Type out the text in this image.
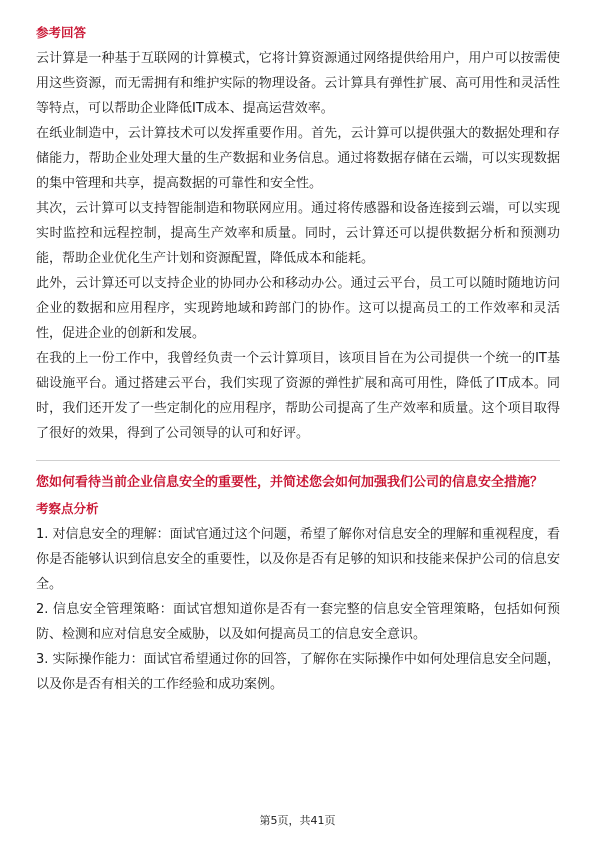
参考回答

云计算是一种基于互联网的计算模式，它将计算资源通过网络提供给用户，用户可以按需使用这些资源，而无需拥有和维护实际的物理设备。云计算具有弹性扩展、高可用性和灵活性等特点，可以帮助企业降低IT成本、提高运营效率。

在纸业制造中，云计算技术可以发挥重要作用。首先，云计算可以提供强大的数据处理和存储能力，帮助企业处理大量的生产数据和业务信息。通过将数据存储在云端，可以实现数据的集中管理和共享，提高数据的可靠性和安全性。

其次，云计算可以支持智能制造和物联网应用。通过将传感器和设备连接到云端，可以实现实时监控和远程控制，提高生产效率和质量。同时，云计算还可以提供数据分析和预测功能，帮助企业优化生产计划和资源配置，降低成本和能耗。

此外，云计算还可以支持企业的协同办公和移动办公。通过云平台，员工可以随时随地访问企业的数据和应用程序，实现跨地域和跨部门的协作。这可以提高员工的工作效率和灵活性，促进企业的创新和发展。

在我的上一份工作中，我曾经负责一个云计算项目，该项目旨在为公司提供一个统一的IT基础设施平台。通过搭建云平台，我们实现了资源的弹性扩展和高可用性，降低了IT成本。同时，我们还开发了一些定制化的应用程序，帮助公司提高了生产效率和质量。这个项目取得了很好的效果，得到了公司领导的认可和好评。

您如何看待当前企业信息安全的重要性，并简述您会如何加强我们公司的信息安全措施？
考察点分析

1. 对信息安全的理解：面试官通过这个问题，希望了解你对信息安全的理解和重视程度，看你是否能够认识到信息安全的重要性，以及你是否有足够的知识和技能来保护公司的信息安全。

2. 信息安全管理策略：面试官想知道你是否有一套完整的信息安全管理策略，包括如何预防、检测和应对信息安全威胁，以及如何提高员工的信息安全意识。

3. 实际操作能力：面试官希望通过你的回答，了解你在实际操作中如何处理信息安全问题，以及你是否有相关的工作经验和成功案例。

第5页，共41页
